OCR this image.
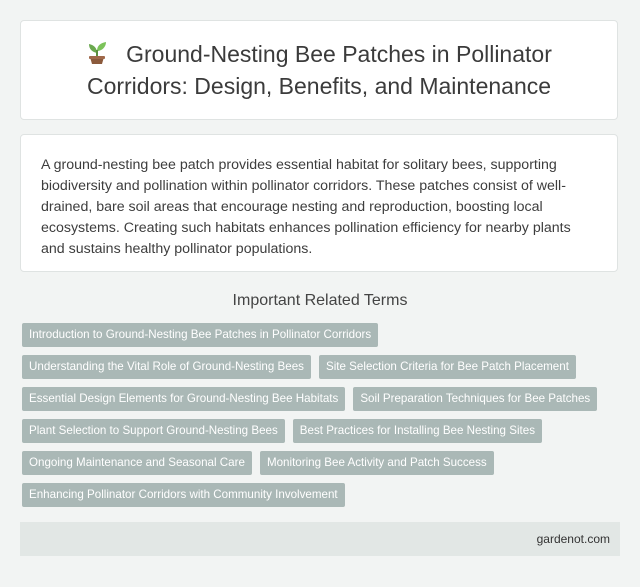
Ground-Nesting Bee Patches in Pollinator Corridors: Design, Benefits, and Maintenance

A ground-nesting bee patch provides essential habitat for solitary bees, supporting biodiversity and pollination within pollinator corridors. These patches consist of well-drained, bare soil areas that encourage nesting and reproduction, boosting local ecosystems. Creating such habitats enhances pollination efficiency for nearby plants and sustains healthy pollinator populations.

Important Related Terms
Introduction to Ground-Nesting Bee Patches in Pollinator Corridors
Understanding the Vital Role of Ground-Nesting Bees	Site Selection Criteria for Bee Patch Placement
Essential Design Elements for Ground-Nesting Bee Habitats	Soil Preparation Techniques for Bee Patches
Plant Selection to Support Ground-Nesting Bees	Best Practices for Installing Bee Nesting Sites
Ongoing Maintenance and Seasonal Care	Monitoring Bee Activity and Patch Success
Enhancing Pollinator Corridors with Community Involvement
gardenot.com
